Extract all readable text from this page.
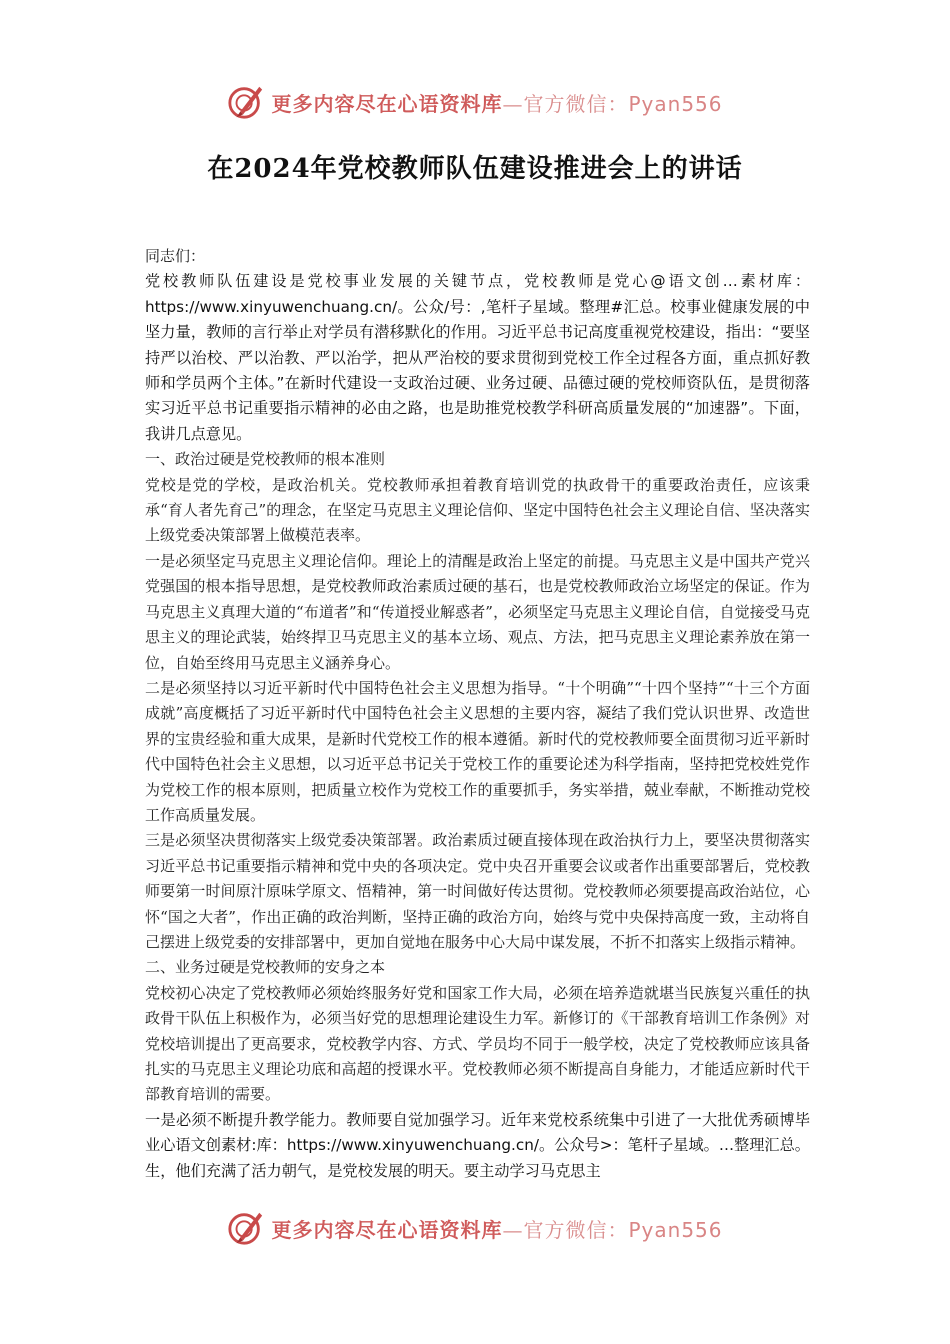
更多内容尽在心语资料库—官方微信：Pyan556
在2024年党校教师队伍建设推进会上的讲话

同志们：

党校教师队伍建设是党校事业发展的关键节点，党校教师是党心@语文创…素材库：https://www.xinyuwenchuang.cn/。公众/号：,笔杆子星域。整理#汇总。校事业健康发展的中坚力量，教师的言行举止对学员有潜移默化的作用。习近平总书记高度重视党校建设，指出：“要坚持严以治校、严以治教、严以治学，把从严治校的要求贯彻到党校工作全过程各方面，重点抓好教师和学员两个主体。”在新时代建设一支政治过硬、业务过硬、品德过硬的党校师资队伍，是贯彻落实习近平总书记重要指示精神的必由之路，也是助推党校教学科研高质量发展的“加速器”。下面，我讲几点意见。

一、政治过硬是党校教师的根本准则

党校是党的学校，是政治机关。党校教师承担着教育培训党的执政骨干的重要政治责任，应该秉承“育人者先育己”的理念，在坚定马克思主义理论信仰、坚定中国特色社会主义理论自信、坚决落实上级党委决策部署上做模范表率。

一是必须坚定马克思主义理论信仰。理论上的清醒是政治上坚定的前提。马克思主义是中国共产党兴党强国的根本指导思想，是党校教师政治素质过硬的基石，也是党校教师政治立场坚定的保证。作为马克思主义真理大道的“布道者”和“传道授业解惑者”，必须坚定马克思主义理论自信，自觉接受马克思主义的理论武装，始终捍卫马克思主义的基本立场、观点、方法，把马克思主义理论素养放在第一位，自始至终用马克思主义涵养身心。

二是必须坚持以习近平新时代中国特色社会主义思想为指导。“十个明确”“十四个坚持”“十三个方面成就”高度概括了习近平新时代中国特色社会主义思想的主要内容，凝结了我们党认识世界、改造世界的宝贵经验和重大成果，是新时代党校工作的根本遵循。新时代的党校教师要全面贯彻习近平新时代中国特色社会主义思想，以习近平总书记关于党校工作的重要论述为科学指南，坚持把党校姓党作为党校工作的根本原则，把质量立校作为党校工作的重要抓手，务实举措，兢业奉献，不断推动党校工作高质量发展。

三是必须坚决贯彻落实上级党委决策部署。政治素质过硬直接体现在政治执行力上，要坚决贯彻落实习近平总书记重要指示精神和党中央的各项决定。党中央召开重要会议或者作出重要部署后，党校教师要第一时间原汁原味学原文、悟精神，第一时间做好传达贯彻。党校教师必须要提高政治站位，心怀“国之大者”，作出正确的政治判断，坚持正确的政治方向，始终与党中央保持高度一致，主动将自己摆进上级党委的安排部署中，更加自觉地在服务中心大局中谋发展，不折不扣落实上级指示精神。

二、业务过硬是党校教师的安身之本

党校初心决定了党校教师必须始终服务好党和国家工作大局，必须在培养造就堪当民族复兴重任的执政骨干队伍上积极作为，必须当好党的思想理论建设生力军。新修订的《干部教育培训工作条例》对党校培训提出了更高要求，党校教学内容、方式、学员均不同于一般学校，决定了党校教师应该具备扎实的马克思主义理论功底和高超的授课水平。党校教师必须不断提高自身能力，才能适应新时代干部教育培训的需要。

一是必须不断提升教学能力。教师要自觉加强学习。近年来党校系统集中引进了一大批优秀硕博毕业心语文创素材:库：https://www.xinyuwenchuang.cn/。公众号>：笔杆子星域。…整理汇总。生，他们充满了活力朝气，是党校发展的明天。要主动学习马克思主

更多内容尽在心语资料库—官方微信：Pyan556
